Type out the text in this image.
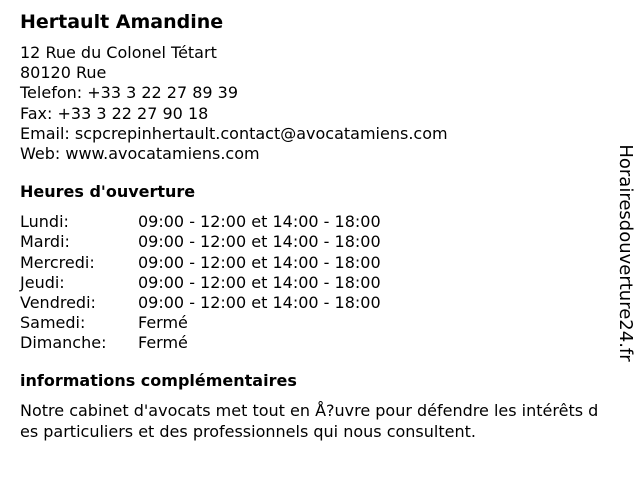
Hertault Amandine
12 Rue du Colonel Tétart
80120 Rue
Telefon: +33 3 22 27 89 39
Fax: +33 3 22 27 90 18
Email: scpcrepinhertault.contact@avocatamiens.com
Web: www.avocatamiens.com
Heures d'ouverture
Lundi:	09:00 - 12:00 et 14:00 - 18:00
Mardi:	09:00 - 12:00 et 14:00 - 18:00
Mercredi:	09:00 - 12:00 et 14:00 - 18:00
Jeudi:	09:00 - 12:00 et 14:00 - 18:00
Vendredi:	09:00 - 12:00 et 14:00 - 18:00
Samedi:	Fermé
Dimanche:	Fermé
informations complémentaires
Notre cabinet d'avocats met tout en Å?uvre pour défendre les intérêts des particuliers et des professionnels qui nous consultent.
Horairesdouverture24.fr
